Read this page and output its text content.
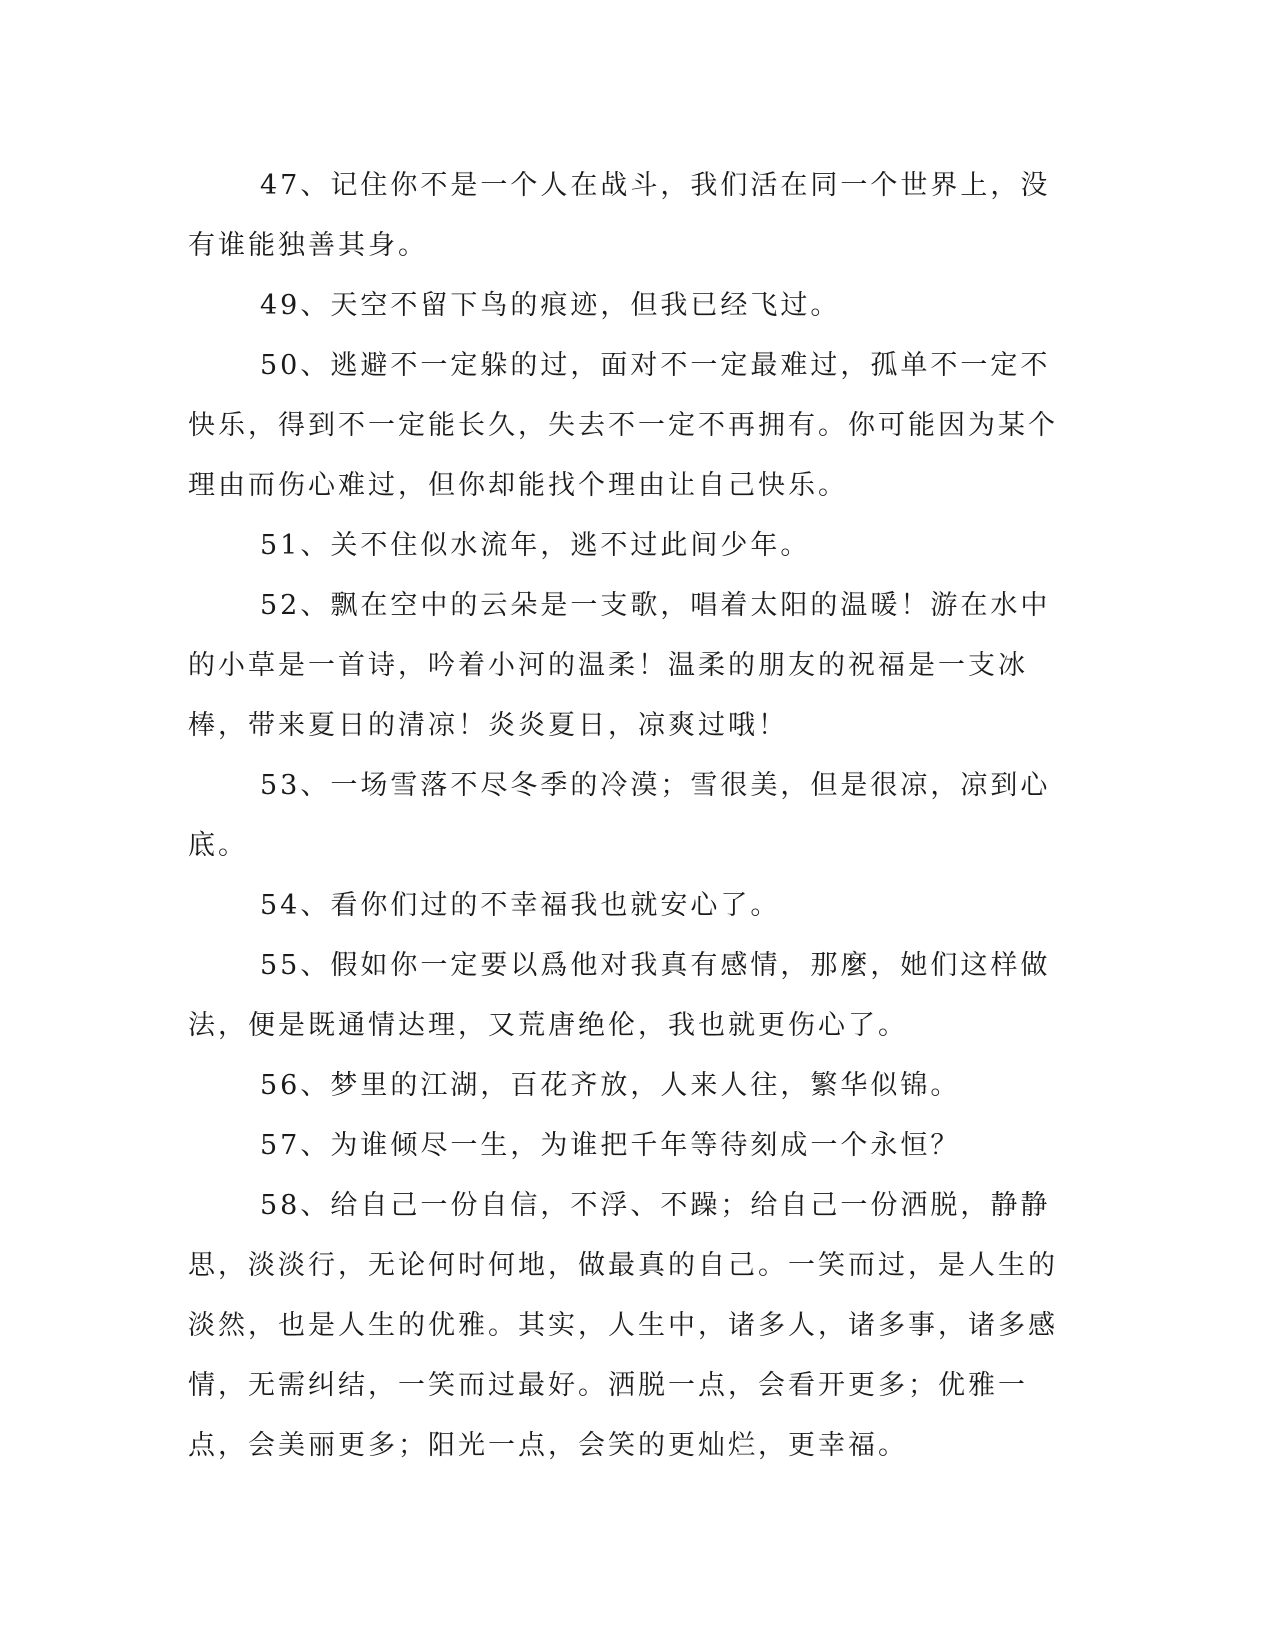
47、记住你不是一个人在战斗，我们活在同一个世界上，没有谁能独善其身。

49、天空不留下鸟的痕迹，但我已经飞过。

50、逃避不一定躲的过，面对不一定最难过，孤单不一定不快乐，得到不一定能长久，失去不一定不再拥有。你可能因为某个理由而伤心难过，但你却能找个理由让自己快乐。

51、关不住似水流年，逃不过此间少年。

52、飘在空中的云朵是一支歌，唱着太阳的温暖！游在水中的小草是一首诗，吟着小河的温柔！温柔的朋友的祝福是一支冰棒，带来夏日的清凉！炎炎夏日，凉爽过哦！

53、一场雪落不尽冬季的冷漠；雪很美，但是很凉，凉到心底。

54、看你们过的不幸福我也就安心了。

55、假如你一定要以爲他对我真有感情，那麼，她们这样做法，便是既通情达理，又荒唐绝伦，我也就更伤心了。

56、梦里的江湖，百花齐放，人来人往，繁华似锦。

57、为谁倾尽一生，为谁把千年等待刻成一个永恒？

58、给自己一份自信，不浮、不躁；给自己一份洒脱，静静思，淡淡行，无论何时何地，做最真的自己。一笑而过，是人生的淡然，也是人生的优雅。其实，人生中，诸多人，诸多事，诸多感情，无需纠结，一笑而过最好。洒脱一点，会看开更多；优雅一点，会美丽更多；阳光一点，会笑的更灿烂，更幸福。
